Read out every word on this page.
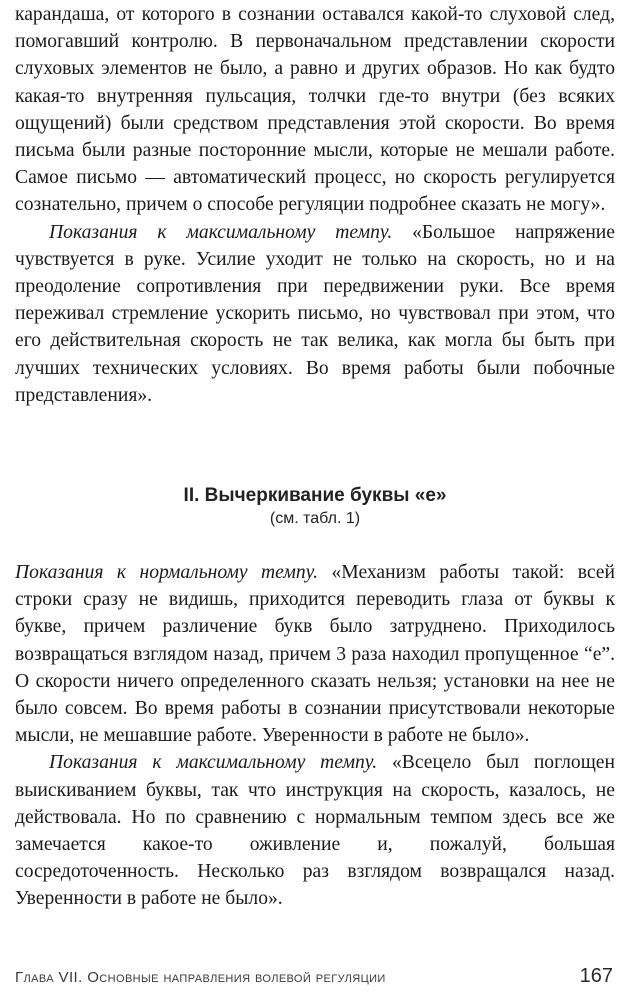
карандаша, от которого в сознании оставался какой-то слуховой след, помогавший контролю. В первоначальном представлении скорости слуховых элементов не было, а равно и других образов. Но как будто какая-то внутренняя пульсация, толчки где-то внутри (без всяких ощущений) были средством представления этой скорости. Во время письма были разные посторонние мысли, которые не мешали работе. Самое письмо — автоматический процесс, но скорость регулируется сознательно, причем о способе регуляции подробнее сказать не могу».

Показания к максимальному темпу. «Большое напряжение чувствуется в руке. Усилие уходит не только на скорость, но и на преодоление сопротивления при передвижении руки. Все время переживал стремление ускорить письмо, но чувствовал при этом, что его действительная скорость не так велика, как могла бы быть при лучших технических условиях. Во время работы были побочные представления».

II. Вычеркивание буквы «е»
(см. табл. 1)

Показания к нормальному темпу. «Механизм работы такой: всей строки сразу не видишь, приходится переводить глаза от буквы к букве, причем различение букв было затруднено. Приходилось возвращаться взглядом назад, причем 3 раза находил пропущенное “е”. О скорости ничего определенного сказать нельзя; установки на нее не было совсем. Во время работы в сознании присутствовали некоторые мысли, не мешавшие работе. Уверенности в работе не было».

Показания к максимальному темпу. «Всецело был поглощен выискиванием буквы, так что инструкция на скорость, казалось, не действовала. Но по сравнению с нормальным темпом здесь все же замечается какое-то оживление и, пожалуй, большая сосредоточенность. Несколько раз взглядом возвращался назад. Уверенности в работе не было».

Глава VII. Основные направления волевой регуляции	167
